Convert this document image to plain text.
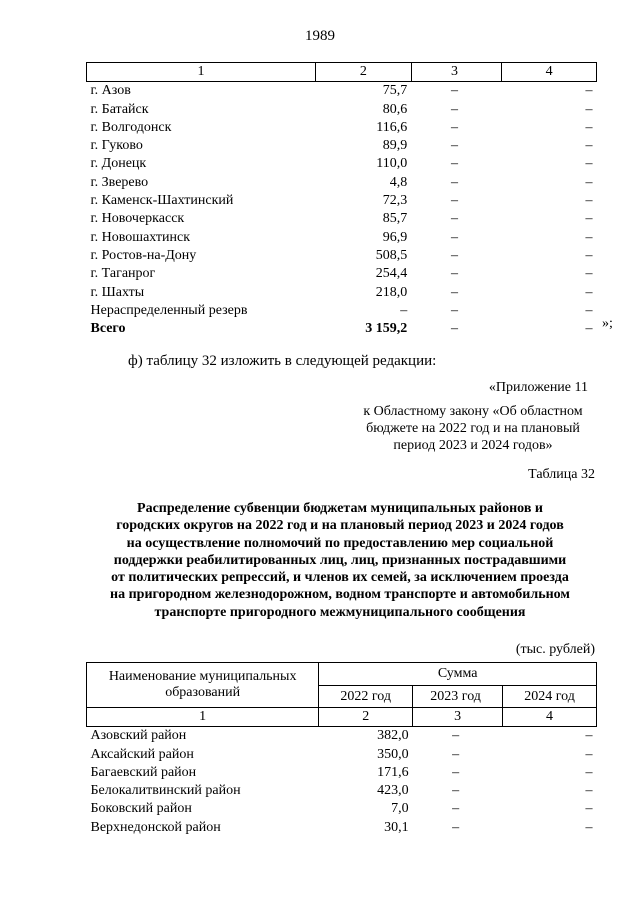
1989
1	2	3	4
г. Азов	75,7	–	–
г. Батайск	80,6	–	–
г. Волгодонск	116,6	–	–
г. Гуково	89,9	–	–
г. Донецк	110,0	–	–
г. Зверево	4,8	–	–
г. Каменск-Шахтинский	72,3	–	–
г. Новочеркасск	85,7	–	–
г. Новошахтинск	96,9	–	–
г. Ростов-на-Дону	508,5	–	–
г. Таганрог	254,4	–	–
г. Шахты	218,0	–	–
Нераспределенный резерв	–	–	–
Всего	3 159,2	–	– »;
ф) таблицу 32 изложить в следующей редакции:
«Приложение 11
к Областному закону «Об областном
бюджете на 2022 год и на плановый
период 2023 и 2024 годов»
Таблица 32
Распределение субвенции бюджетам муниципальных районов и
городских округов на 2022 год и на плановый период 2023 и 2024 годов
на осуществление полномочий по предоставлению мер социальной
поддержки реабилитированных лиц, лиц, признанных пострадавшими
от политических репрессий, и членов их семей, за исключением проезда
на пригородном железнодорожном, водном транспорте и автомобильном
транспорте пригородного межмуниципального сообщения
(тыс. рублей)
Наименование муниципальных образований	Сумма		
	2022 год	2023 год	2024 год
1	2	3	4
Азовский район	382,0	–	–
Аксайский район	350,0	–	–
Багаевский район	171,6	–	–
Белокалитвинский район	423,0	–	–
Боковский район	7,0	–	–
Верхнедонской район	30,1	–	–
